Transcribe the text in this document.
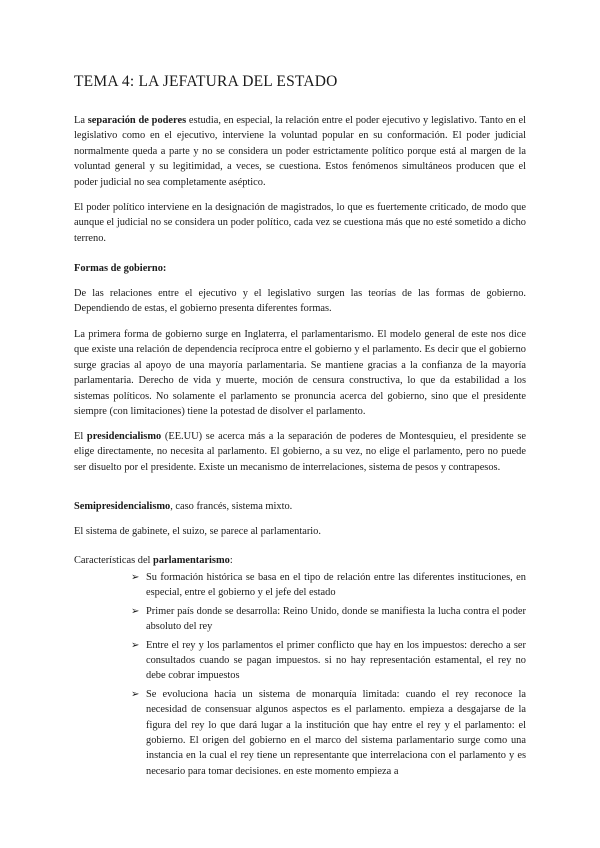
TEMA 4: LA JEFATURA DEL ESTADO

La separación de poderes estudia, en especial, la relación entre el poder ejecutivo y legislativo. Tanto en el legislativo como en el ejecutivo, interviene la voluntad popular en su conformación. El poder judicial normalmente queda a parte y no se considera un poder estrictamente político porque está al margen de la voluntad general y su legitimidad, a veces, se cuestiona. Estos fenómenos simultáneos producen que el poder judicial no sea completamente aséptico.

El poder político interviene en la designación de magistrados, lo que es fuertemente criticado, de modo que aunque el judicial no se considera un poder político, cada vez se cuestiona más que no esté sometido a dicho terreno.

Formas de gobierno:

De las relaciones entre el ejecutivo y el legislativo surgen las teorías de las formas de gobierno. Dependiendo de estas, el gobierno presenta diferentes formas.

La primera forma de gobierno surge en Inglaterra, el parlamentarismo. El modelo general de este nos dice que existe una relación de dependencia recíproca entre el gobierno y el parlamento. Es decir que el gobierno surge gracias al apoyo de una mayoría parlamentaria. Se mantiene gracias a la confianza de la mayoría parlamentaria. Derecho de vida y muerte, moción de censura constructiva, lo que da estabilidad a los sistemas políticos. No solamente el parlamento se pronuncia acerca del gobierno, sino que el presidente siempre (con limitaciones) tiene la potestad de disolver el parlamento.

El presidencialismo (EE.UU) se acerca más a la separación de poderes de Montesquieu, el presidente se elige directamente, no necesita al parlamento. El gobierno, a su vez, no elige el parlamento, pero no puede ser disuelto por el presidente. Existe un mecanismo de interrelaciones, sistema de pesos y contrapesos.

Semipresidencialismo, caso francés, sistema mixto.

El sistema de gabinete, el suizo, se parece al parlamentario.

Características del parlamentarismo:

➢ Su formación histórica se basa en el tipo de relación entre las diferentes instituciones, en especial, entre el gobierno y el jefe del estado
➢ Primer país donde se desarrolla: Reino Unido, donde se manifiesta la lucha contra el poder absoluto del rey
➢ Entre el rey y los parlamentos el primer conflicto que hay en los impuestos: derecho a ser consultados cuando se pagan impuestos. si no hay representación estamental, el rey no debe cobrar impuestos
➢ Se evoluciona hacia un sistema de monarquía limitada: cuando el rey reconoce la necesidad de consensuar algunos aspectos es el parlamento. empieza a desgajarse de la figura del rey lo que dará lugar a la institución que hay entre el rey y el parlamento: el gobierno. El origen del gobierno en el marco del sistema parlamentario surge como una instancia en la cual el rey tiene un representante que interrelaciona con el parlamento y es necesario para tomar decisiones. en este momento empieza a
